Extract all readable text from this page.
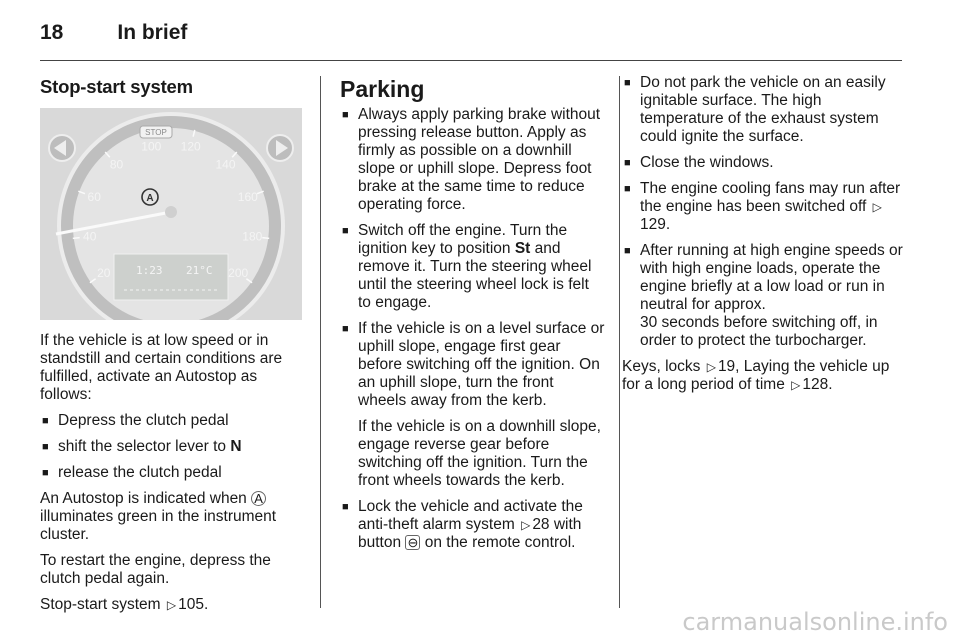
18	In brief
Stop-start system
20
40
60
80
100 120
140
160
180
200
STOP
A
1:23 21°C

If the vehicle is at low speed or in standstill and certain conditions are fulfilled, activate an Autostop as follows:

■ Depress the clutch pedal
■ shift the selector lever to N
■ release the clutch pedal

An Autostop is indicated when A illuminates green in the instrument cluster.

To restart the engine, depress the clutch pedal again.

Stop-start system ▷ 105.

Parking
■ Always apply parking brake without pressing release button. Apply as firmly as possible on a downhill slope or uphill slope. Depress foot brake at the same time to reduce operating force.
■ Switch off the engine. Turn the ignition key to position St and remove it. Turn the steering wheel until the steering wheel lock is felt to engage.
■ If the vehicle is on a level surface or uphill slope, engage first gear before switching off the ignition. On an uphill slope, turn the front wheels away from the kerb.
If the vehicle is on a downhill slope, engage reverse gear before switching off the ignition. Turn the front wheels towards the kerb.
■ Lock the vehicle and activate the anti-theft alarm system ▷ 28 with button ⊖ on the remote control.
■ Do not park the vehicle on an easily ignitable surface. The high temperature of the exhaust system could ignite the surface.
■ Close the windows.
■ The engine cooling fans may run after the engine has been switched off ▷129.
■ After running at high engine speeds or with high engine loads, operate the engine briefly at a low load or run in neutral for approx.
30 seconds before switching off, in order to protect the turbocharger.

Keys, locks ▷ 19, Laying the vehicle up for a long period of time ▷ 128.

carmanualsonline.info
